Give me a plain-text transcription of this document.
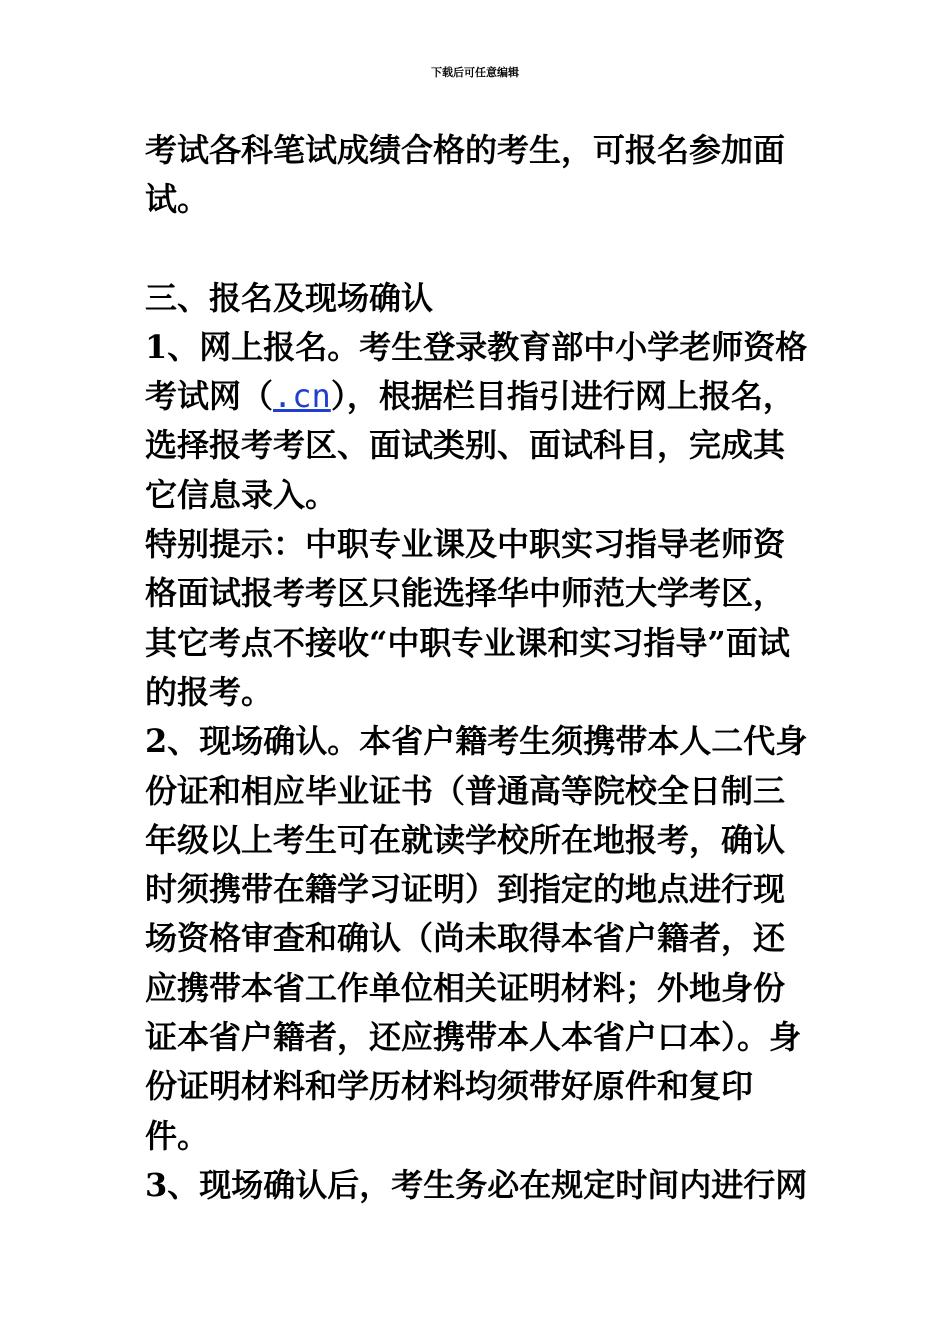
下载后可任意编辑

考试各科笔试成绩合格的考生，可报名参加面试。

三、报名及现场确认

1、网上报名。考生登录教育部中小学老师资格考试网（.cn），根据栏目指引进行网上报名，选择报考考区、面试类别、面试科目，完成其它信息录入。

特别提示：中职专业课及中职实习指导老师资格面试报考考区只能选择华中师范大学考区，其它考点不接收“中职专业课和实习指导”面试的报考。

2、现场确认。本省户籍考生须携带本人二代身份证和相应毕业证书（普通高等院校全日制三年级以上考生可在就读学校所在地报考，确认时须携带在籍学习证明）到指定的地点进行现场资格审查和确认（尚未取得本省户籍者，还应携带本省工作单位相关证明材料；外地身份证本省户籍者，还应携带本人本省户口本）。身份证明材料和学历材料均须带好原件和复印件。

3、现场确认后，考生务必在规定时间内进行网
